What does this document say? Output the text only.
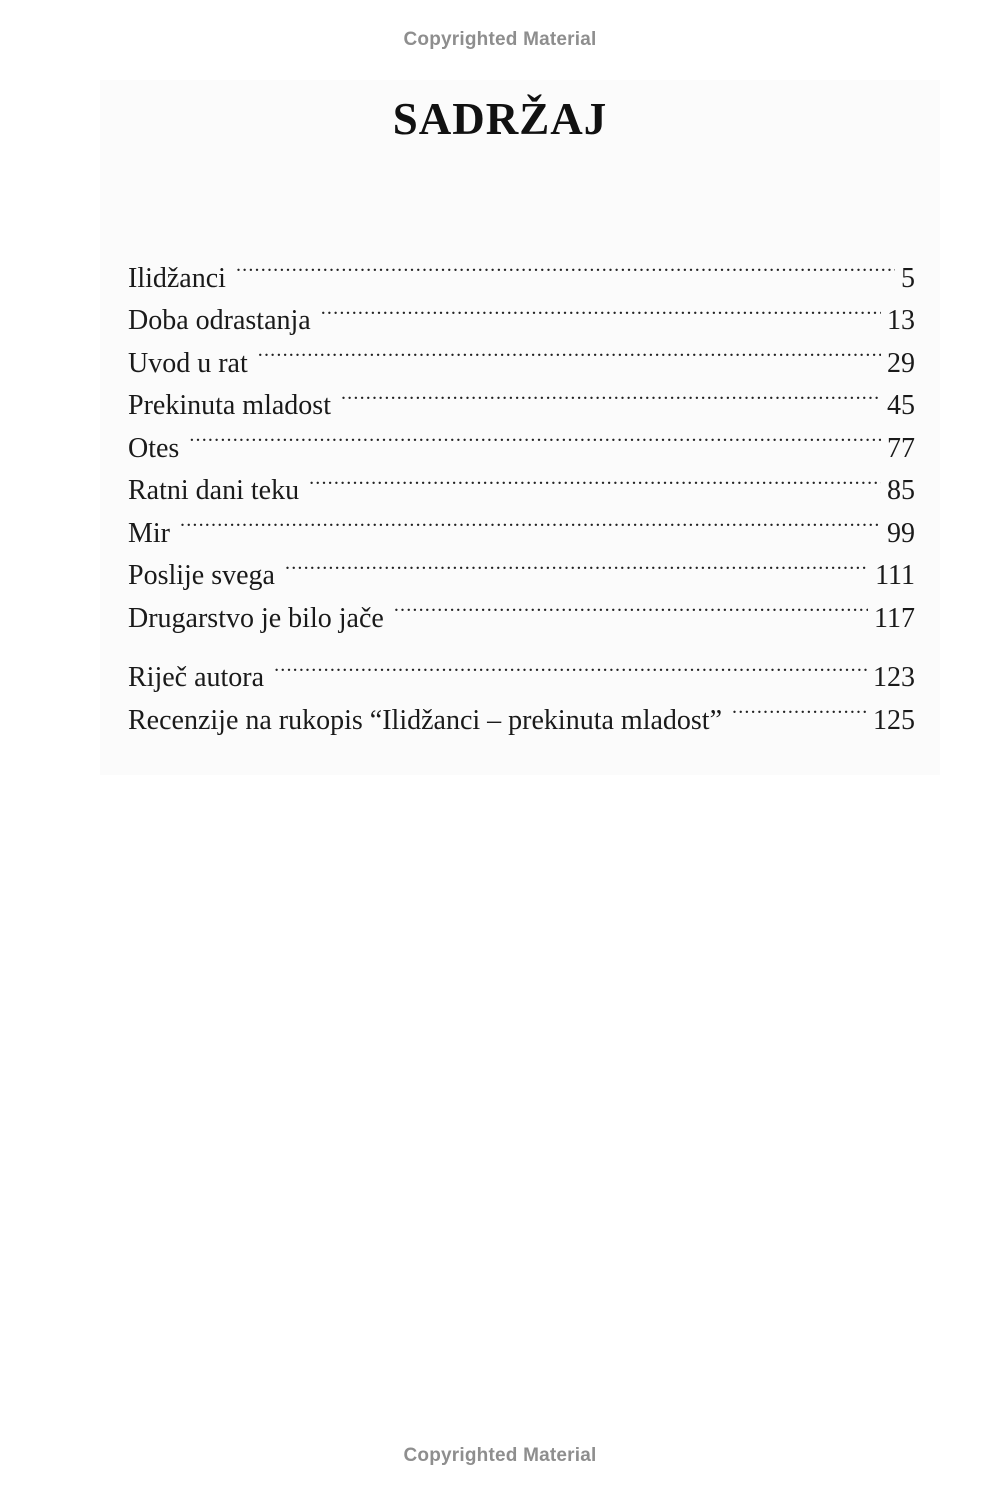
Copyrighted Material
SADRŽAJ
Ilidžanci .....	5
Doba odrastanja .....	13
Uvod u rat .....	29
Prekinuta mladost .....	45
Otes .....	77
Ratni dani teku .....	85
Mir .....	99
Poslije svega .....	111
Drugarstvo je bilo jače .....	117
Riječ autora .....	123
Recenzije na rukopis “Ilidžanci – prekinuta mladost” .....	125
Copyrighted Material
